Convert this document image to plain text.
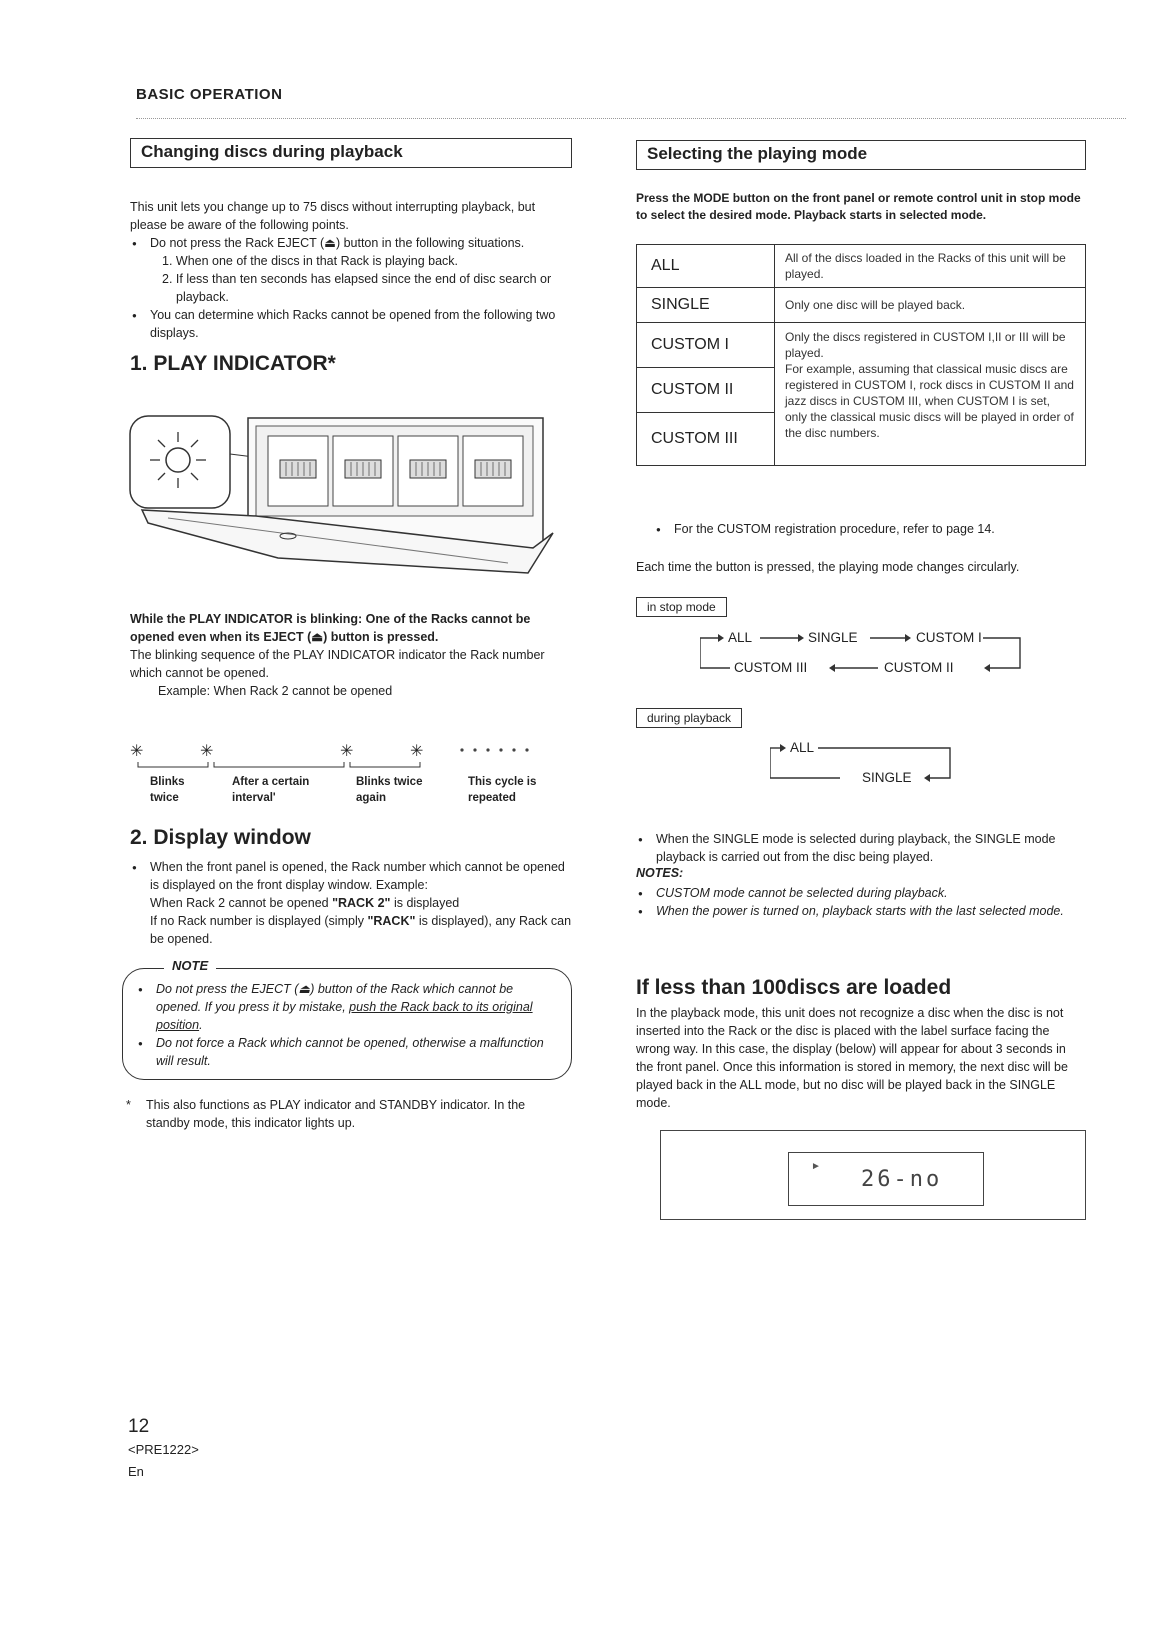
BASIC OPERATION
Changing discs during playback
This unit lets you change up to 75 discs without interrupting playback, but please be aware of the following points.
● Do not press the Rack EJECT (⏏) button in the following situations.
1. When one of the discs in that Rack is playing back.
2. If less than ten seconds has elapsed since the end of disc search or playback.
● You can determine which Racks cannot be opened from the following two displays.
1. PLAY INDICATOR*
While the PLAY INDICATOR is blinking: One of the Racks cannot be opened even when its EJECT (⏏) button is pressed.
The blinking sequence of the PLAY INDICATOR indicator the Rack number which cannot be opened.
Example: When Rack 2 cannot be opened
✳	✳	✳	✳
Blinks
twice
After a certain
interval'
Blinks twice
again
This cycle is
repeated
2. Display window
● When the front panel is opened, the Rack number which cannot be opened is displayed on the front display window. Example:
When Rack 2 cannot be opened "RACK 2" is displayed
If no Rack number is displayed (simply "RACK" is displayed), any Rack can be opened.
NOTE
● Do not press the EJECT (⏏) button of the Rack which cannot be opened. If you press it by mistake, push the Rack back to its original position.
● Do not force a Rack which cannot be opened, otherwise a malfunction will result.
* This also functions as PLAY indicator and STANDBY indicator. In the standby mode, this indicator lights up.
Selecting the playing mode
Press the MODE button on the front panel or remote control unit in stop mode to select the desired mode. Playback starts in selected mode.
ALL	All of the discs loaded in the Racks of this unit will be played.
SINGLE	Only one disc will be played back.
CUSTOM I	Only the discs registered in CUSTOM I,II or III will be played.
For example, assuming that classical music discs are registered in CUSTOM I, rock discs in CUSTOM II and jazz discs in CUSTOM III, when CUSTOM I is set, only the classical music discs will be played in order of the disc numbers.

CUSTOM II	
CUSTOM III	
● For the CUSTOM registration procedure, refer to page 14.
Each time the button is pressed, the playing mode changes circularly.
in stop mode
ALL	SINGLE	CUSTOM I
CUSTOM III	CUSTOM II
during playback
ALL
SINGLE
● When the SINGLE mode is selected during playback, the SINGLE mode playback is carried out from the disc being played.
NOTES:
● CUSTOM mode cannot be selected during playback.
● When the power is turned on, playback starts with the last selected mode.
If less than 100discs are loaded
In the playback mode, this unit does not recognize a disc when the disc is not inserted into the Rack or the disc is placed with the label surface facing the wrong way. In this case, the display (below) will appear for about 3 seconds in the front panel. Once this information is stored in memory, the next disc will be played back in the ALL mode, but no disc will be played back in the SINGLE mode.
►
26-no
12
<PRE1222>
En
